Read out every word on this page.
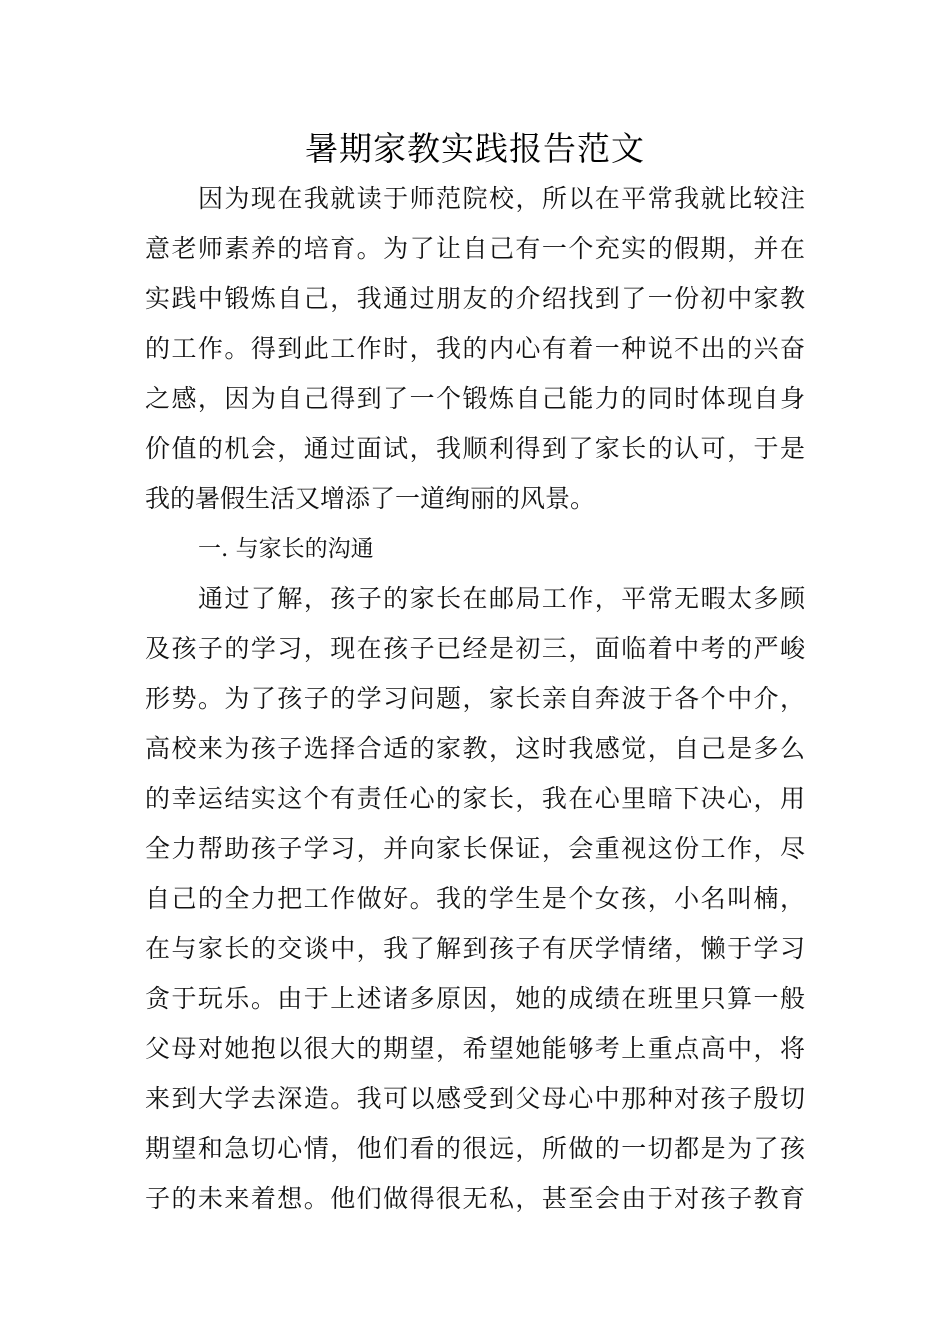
暑期家教实践报告范文
因为现在我就读于师范院校，所以在平常我就比较注
意老师素养的培育。为了让自己有一个充实的假期，并在
实践中锻炼自己，我通过朋友的介绍找到了一份初中家教
的工作。得到此工作时，我的内心有着一种说不出的兴奋
之感，因为自己得到了一个锻炼自己能力的同时体现自身
价值的机会，通过面试，我顺利得到了家长的认可，于是
我的暑假生活又增添了一道绚丽的风景。
一. 与家长的沟通
通过了解，孩子的家长在邮局工作，平常无暇太多顾
及孩子的学习，现在孩子已经是初三，面临着中考的严峻
形势。为了孩子的学习问题，家长亲自奔波于各个中介，
高校来为孩子选择合适的家教，这时我感觉，自己是多么
的幸运结实这个有责任心的家长，我在心里暗下决心，用
全力帮助孩子学习，并向家长保证，会重视这份工作，尽
自己的全力把工作做好。我的学生是个女孩，小名叫楠，
在与家长的交谈中，我了解到孩子有厌学情绪，懒于学习
贪于玩乐。由于上述诸多原因，她的成绩在班里只算一般
父母对她抱以很大的期望，希望她能够考上重点高中，将
来到大学去深造。我可以感受到父母心中那种对孩子殷切
期望和急切心情，他们看的很远，所做的一切都是为了孩
子的未来着想。他们做得很无私，甚至会由于对孩子教育
